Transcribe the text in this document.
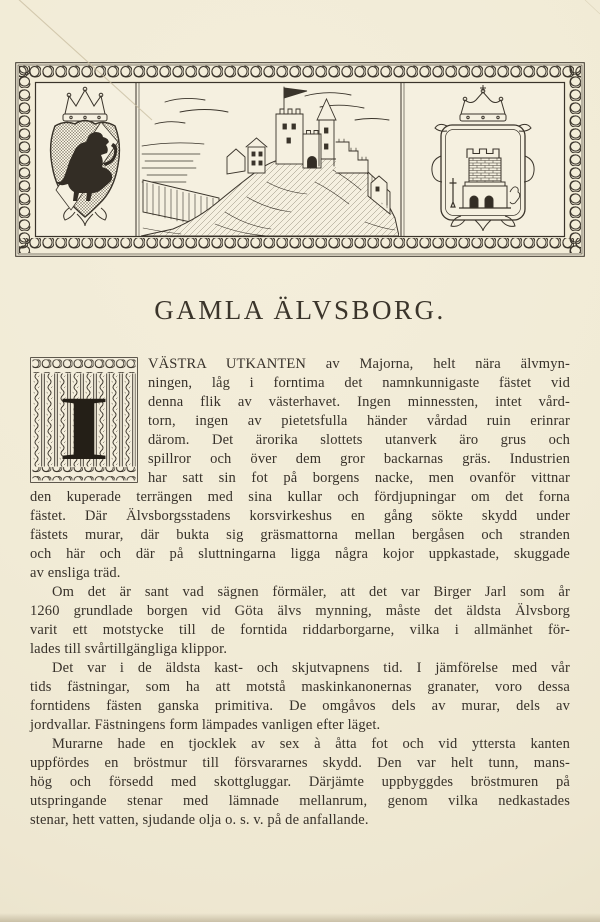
GAMLA ÄLVSBORG.
I
VÄSTRA UTKANTEN av Majorna, helt nära älvmyn-
ningen, låg i forntima det namnkunnigaste fästet vid
denna flik av västerhavet. Ingen minnessten, intet vård-
torn, ingen av pietetsfulla händer vårdad ruin erinrar
därom. Det ärorika slottets utanverk äro grus och
spillror och över dem gror backarnas gräs. Industrien
har satt sin fot på borgens nacke, men ovanför vittnar
den kuperade terrängen med sina kullar och fördjupningar om det forna
fästet. Där Älvsborgsstadens korsvirkeshus en gång sökte skydd under
fästets murar, där bukta sig gräsmattorna mellan bergåsen och stranden
och här och där på sluttningarna ligga några kojor uppkastade, skuggade
av ensliga träd.
Om det är sant vad sägnen förmäler, att det var Birger Jarl som år
1260 grundlade borgen vid Göta älvs mynning, måste det äldsta Älvsborg
varit ett motstycke till de forntida riddarborgarne, vilka i allmänhet för-
lades till svårtillgängliga klippor.
Det var i de äldsta kast- och skjutvapnens tid. I jämförelse med vår
tids fästningar, som ha att motstå maskinkanonernas granater, voro dessa
forntidens fästen ganska primitiva. De omgåvos dels av murar, dels av
jordvallar. Fästningens form lämpades vanligen efter läget.
Murarne hade en tjocklek av sex à åtta fot och vid yttersta kanten
uppfördes en bröstmur till försvararnes skydd. Den var helt tunn, mans-
hög och försedd med skottgluggar. Därjämte uppbyggdes bröstmuren på
utspringande stenar med lämnade mellanrum, genom vilka nedkastades
stenar, hett vatten, sjudande olja o. s. v. på de anfallande.
